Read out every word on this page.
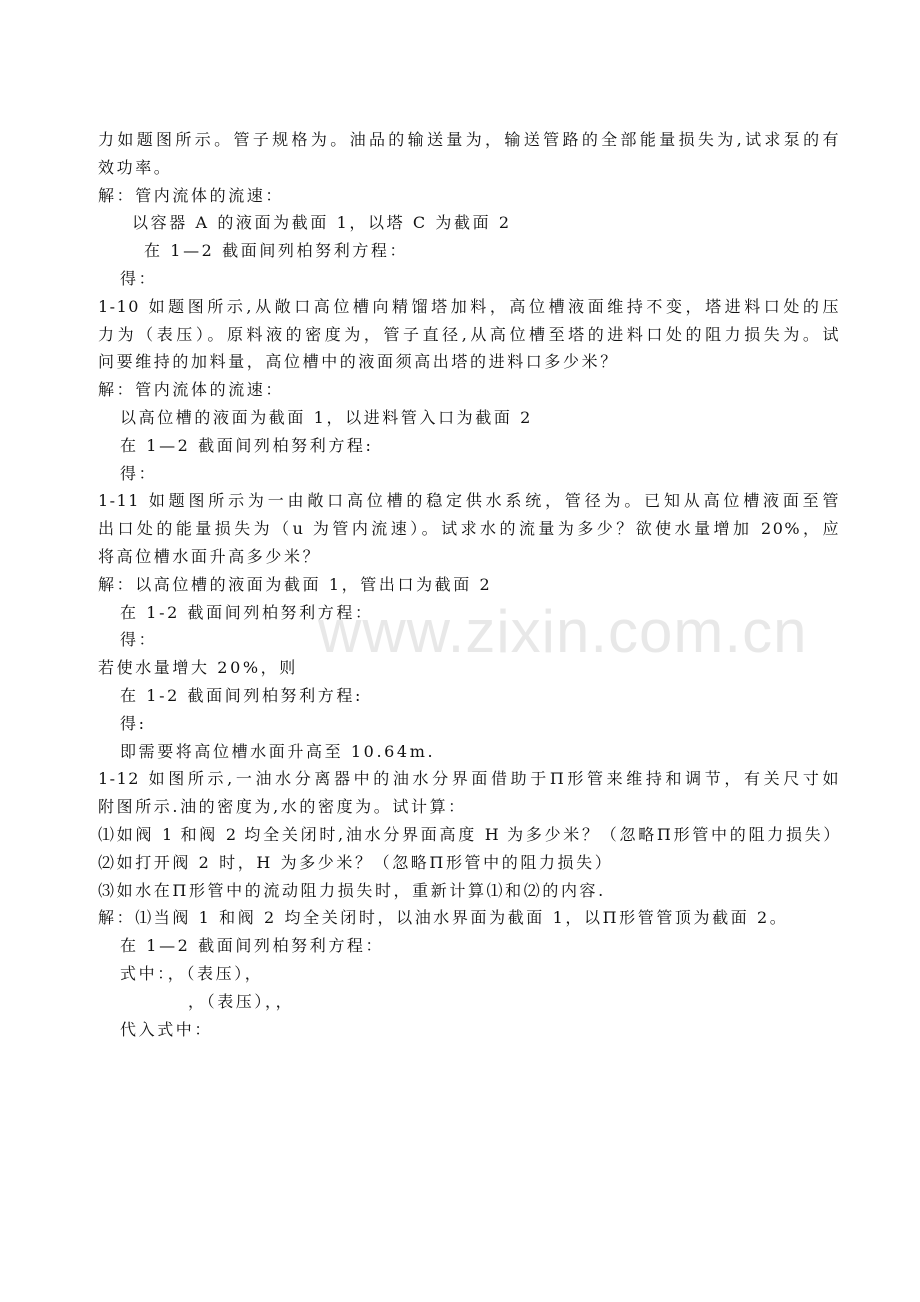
力如题图所示。管子规格为。油品的输送量为，输送管路的全部能量损失为,试求泵的有
效功率。
解：管内流体的流速：
以容器 A 的液面为截面 1，以塔 C 为截面 2
在 1—2 截面间列柏努利方程：
得：
1-10 如题图所示,从敞口高位槽向精馏塔加料，高位槽液面维持不变，塔进料口处的压
力为（表压）。原料液的密度为，管子直径,从高位槽至塔的进料口处的阻力损失为。试
问要维持的加料量，高位槽中的液面须高出塔的进料口多少米？
解：管内流体的流速：
以高位槽的液面为截面 1，以进料管入口为截面 2
在 1—2 截面间列柏努利方程:
得：
1-11 如题图所示为一由敞口高位槽的稳定供水系统，管径为。已知从高位槽液面至管
出口处的能量损失为（u 为管内流速）。试求水的流量为多少？欲使水量增加 20%，应
将高位槽水面升高多少米？
解：以高位槽的液面为截面 1，管出口为截面 2
在 1-2 截面间列柏努利方程：
得：
若使水量增大 20%，则
在 1-2 截面间列柏努利方程:
得:
即需要将高位槽水面升高至 10.64m.
1-12 如图所示,一油水分离器中的油水分界面借助于Π形管来维持和调节，有关尺寸如
附图所示.油的密度为,水的密度为。试计算：
⑴如阀 1 和阀 2 均全关闭时,油水分界面高度 H 为多少米？（忽略Π形管中的阻力损失）
⑵如打开阀 2 时，H 为多少米？（忽略Π形管中的阻力损失）
⑶如水在Π形管中的流动阻力损失时，重新计算⑴和⑵的内容.
解：⑴当阀 1 和阀 2 均全关闭时，以油水界面为截面 1，以Π形管管顶为截面 2。
在 1—2 截面间列柏努利方程：
式中：，（表压），
，（表压），，
代入式中：
www.zixin.com.cn
